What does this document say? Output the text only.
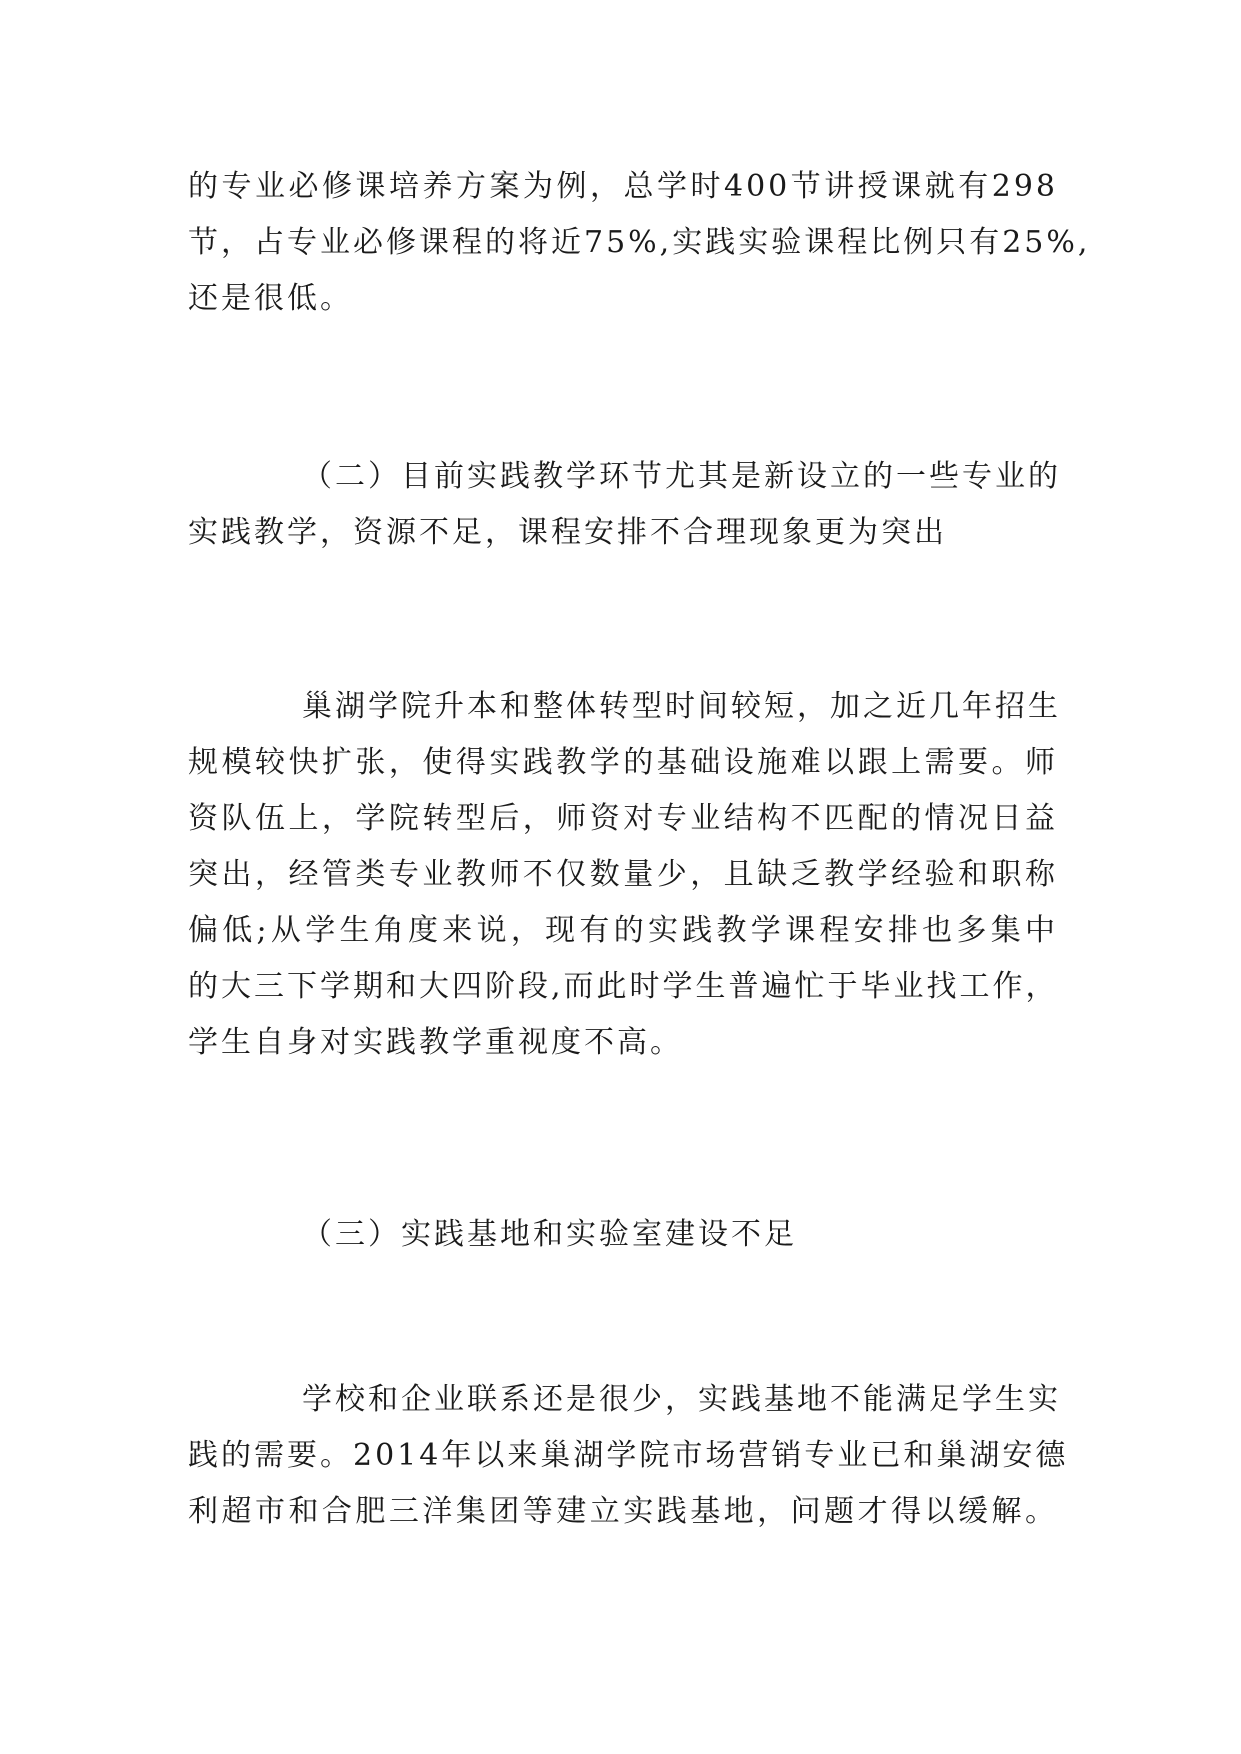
的专业必修课培养方案为例，总学时400节讲授课就有298
节，占专业必修课程的将近75%,实践实验课程比例只有25%,
还是很低。
（二）目前实践教学环节尤其是新设立的一些专业的
实践教学，资源不足，课程安排不合理现象更为突出
巢湖学院升本和整体转型时间较短，加之近几年招生
规模较快扩张，使得实践教学的基础设施难以跟上需要。师
资队伍上，学院转型后，师资对专业结构不匹配的情况日益
突出，经管类专业教师不仅数量少，且缺乏教学经验和职称
偏低;从学生角度来说，现有的实践教学课程安排也多集中
的大三下学期和大四阶段,而此时学生普遍忙于毕业找工作，
学生自身对实践教学重视度不高。
（三）实践基地和实验室建设不足
学校和企业联系还是很少，实践基地不能满足学生实
践的需要。2014年以来巢湖学院市场营销专业已和巢湖安德
利超市和合肥三洋集团等建立实践基地，问题才得以缓解。
